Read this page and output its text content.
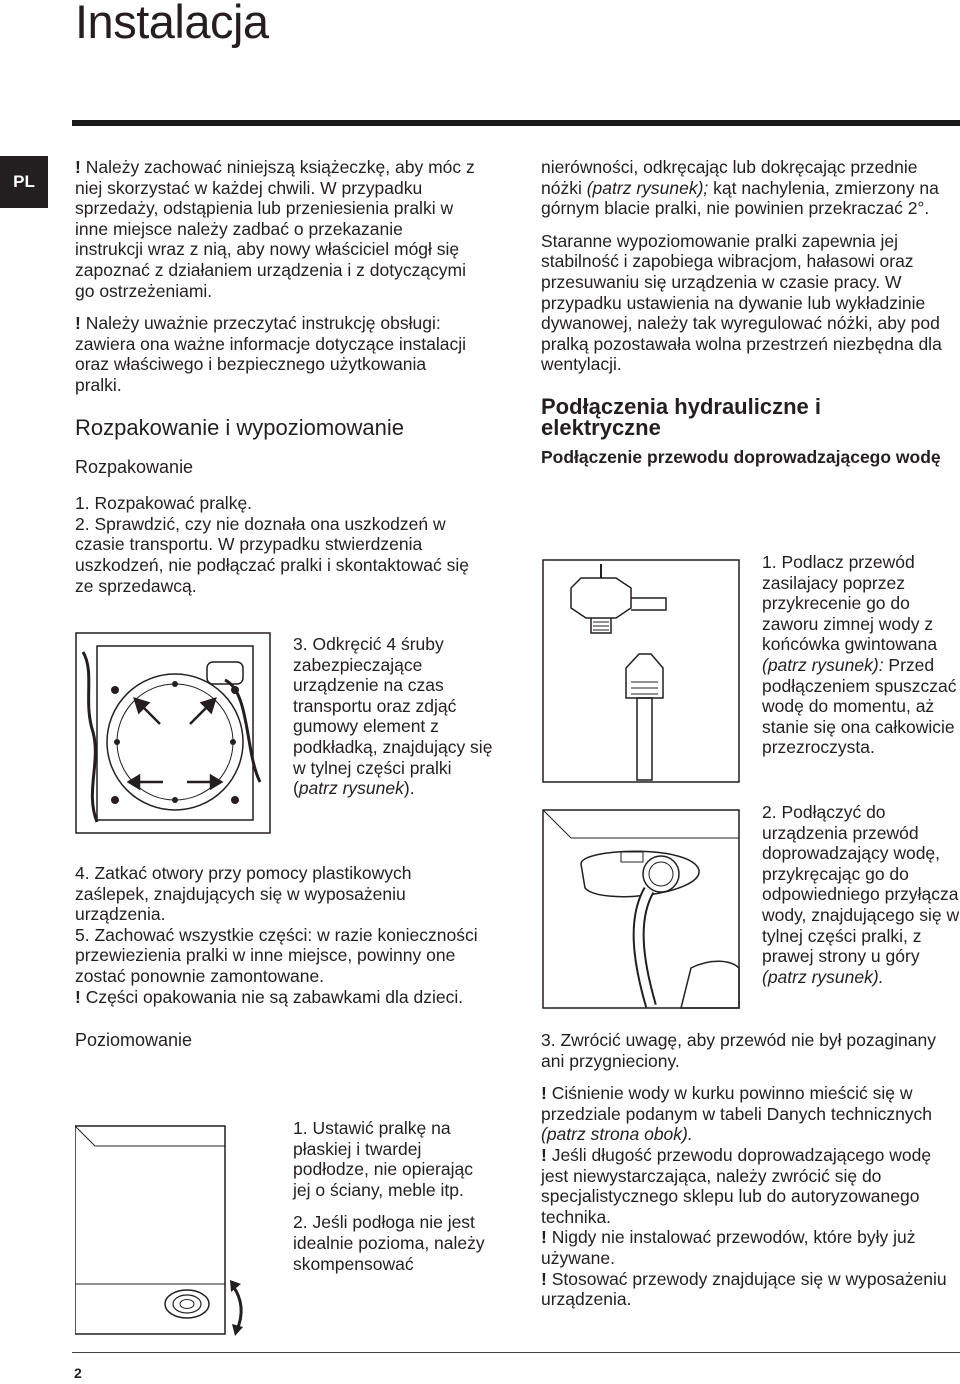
Instalacja
PL

! Należy zachować niniejszą książeczkę, aby móc z niej skorzystać w każdej chwili. W przypadku sprzedaży, odstąpienia lub przeniesienia pralki w inne miejsce należy zadbać o przekazanie instrukcji wraz z nią, aby nowy właściciel mógł się zapoznać z działaniem urządzenia i z dotyczącymi go ostrzeżeniami.

! Należy uważnie przeczytać instrukcję obsługi: zawiera ona ważne informacje dotyczące instalacji oraz właściwego i bezpiecznego użytkowania pralki.

Rozpakowanie i wypoziomowanie

Rozpakowanie

1. Rozpakować pralkę.

2. Sprawdzić, czy nie doznała ona uszkodzeń w czasie transportu. W przypadku stwierdzenia uszkodzeń, nie podłączać pralki i skontaktować się ze sprzedawcą.

3. Odkręcić 4 śruby zabezpieczające urządzenie na czas transportu oraz zdjąć gumowy element z podkładką, znajdujący się w tylnej części pralki (patrz rysunek).

4. Zatkać otwory przy pomocy plastikowych zaślepek, znajdujących się w wyposażeniu urządzenia.

5. Zachować wszystkie części: w razie konieczności przewiezienia pralki w inne miejsce, powinny one zostać ponownie zamontowane.

! Części opakowania nie są zabawkami dla dzieci.

Poziomowanie

1. Ustawić pralkę na płaskiej i twardej podłodze, nie opierając jej o ściany, meble itp.

2. Jeśli podłoga nie jest idealnie pozioma, należy skompensować

nierówności, odkręcając lub dokręcając przednie nóżki (patrz rysunek); kąt nachylenia, zmierzony na górnym blacie pralki, nie powinien przekraczać 2°.

Staranne wypoziomowanie pralki zapewnia jej stabilność i zapobiega wibracjom, hałasowi oraz przesuwaniu się urządzenia w czasie pracy. W przypadku ustawienia na dywanie lub wykładzinie dywanowej, należy tak wyregulować nóżki, aby pod pralką pozostawała wolna przestrzeń niezbędna dla wentylacji.

Podłączenia hydrauliczne i elektryczne

Podłączenie przewodu doprowadzającego wodę

1. Podlacz przewód zasilajacy poprzez przykrecenie go do zaworu zimnej wody z końcówka gwintowana (patrz rysunek): Przed podłączeniem spuszczać wodę do momentu, aż stanie się ona całkowicie przezroczysta.

2. Podłączyć do urządzenia przewód doprowadzający wodę, przykręcając go do odpowiedniego przyłącza wody, znajdującego się w tylnej części pralki, z prawej strony u góry (patrz rysunek).

3. Zwrócić uwagę, aby przewód nie był pozaginany ani przygnieciony.

! Ciśnienie wody w kurku powinno mieścić się w przedziale podanym w tabeli Danych technicznych (patrz strona obok).

! Jeśli długość przewodu doprowadzającego wodę jest niewystarczająca, należy zwrócić się do specjalistycznego sklepu lub do autoryzowanego technika.

! Nigdy nie instalować przewodów, które były już używane.

! Stosować przewody znajdujące się w wyposażeniu urządzenia.

2
